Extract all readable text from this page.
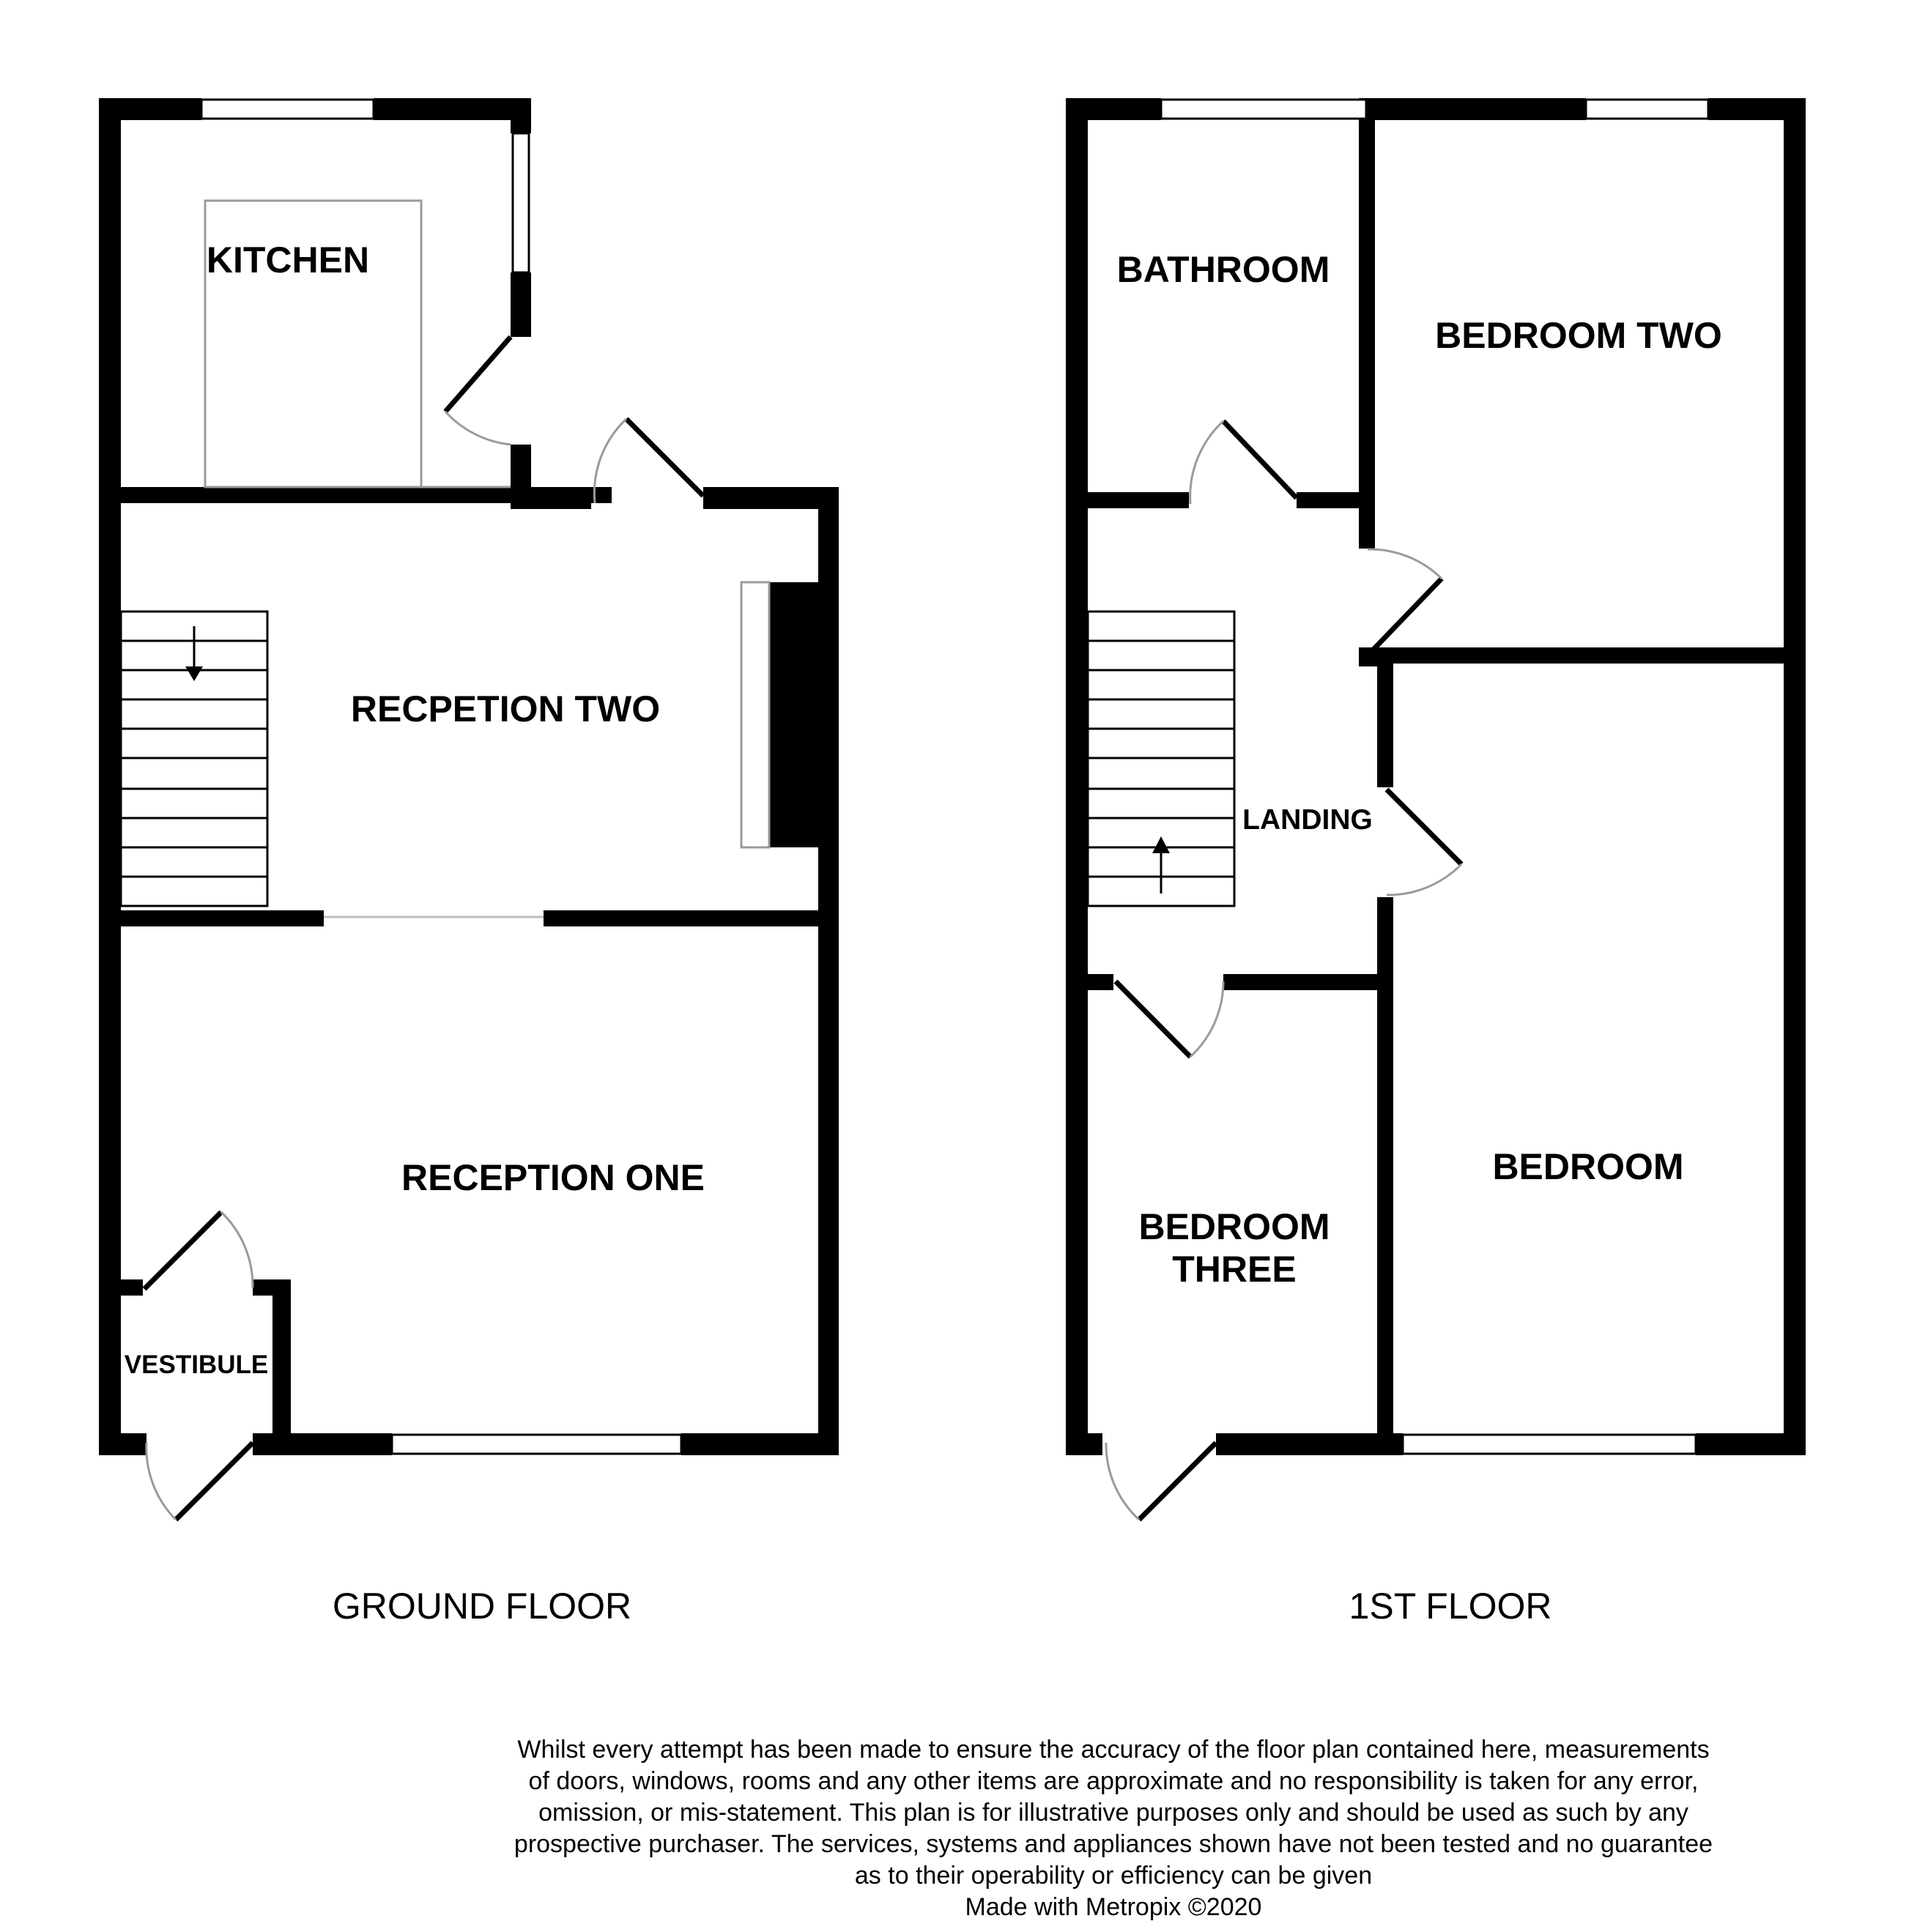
KITCHEN
RECPETION TWO
RECEPTION ONE
VESTIBULE
GROUND FLOOR
BATHROOM
BEDROOM TWO
LANDING
BEDROOM
BEDROOM
THREE
1ST FLOOR
Whilst every attempt has been made to ensure the accuracy of the floor plan contained here, measurements
of doors, windows, rooms and any other items are approximate and no responsibility is taken for any error,
omission, or mis-statement. This plan is for illustrative purposes only and should be used as such by any
prospective purchaser. The services, systems and appliances shown have not been tested and no guarantee
as to their operability or efficiency can be given
Made with Metropix ©2020
